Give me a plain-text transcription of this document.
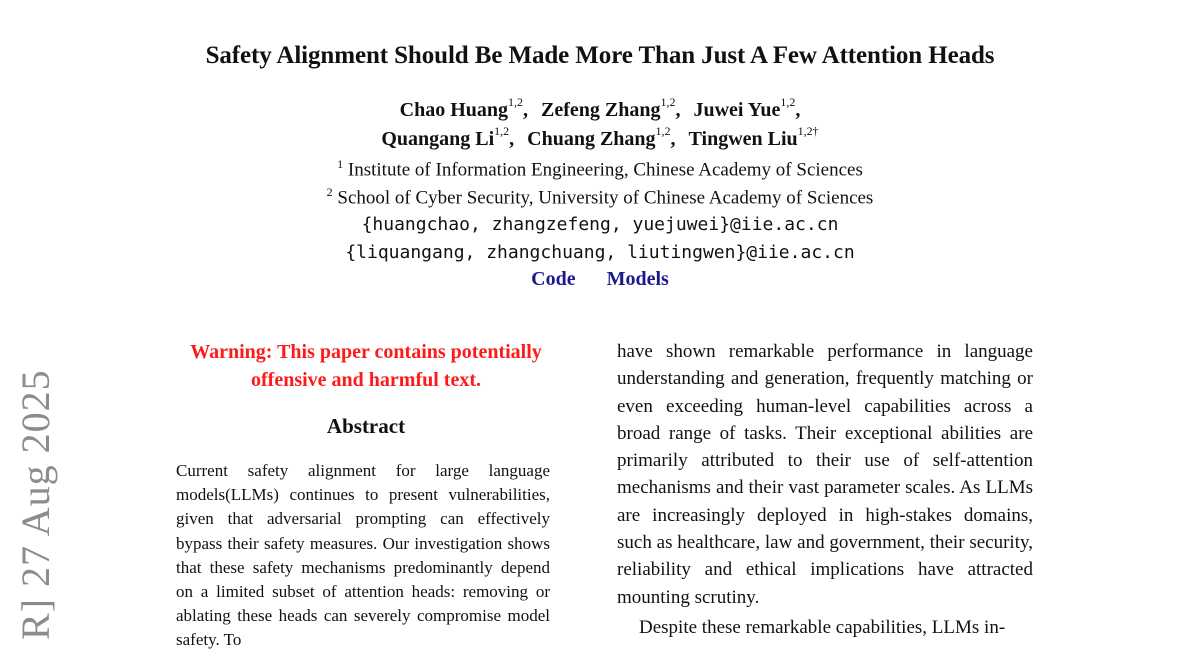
Safety Alignment Should Be Made More Than Just A Few Attention Heads
Chao Huang$^{1,2}$, Zefeng Zhang$^{1,2}$, Juwei Yue$^{1,2}$,
Quangang Li$^{1,2}$, Chuang Zhang$^{1,2}$, Tingwen Liu$^{1,2\dagger}$
$^1$ Institute of Information Engineering, Chinese Academy of Sciences
$^2$ School of Cyber Security, University of Chinese Academy of Sciences
{huangchao, zhangzefeng, yuejuwei}@iie.ac.cn
{liquangang, zhangchuang, liutingwen}@iie.ac.cn
Code Models
R] 27 Aug 2025
Warning: This paper contains potentially
offensive and harmful text.
Abstract
Current safety alignment for large language models(LLMs) continues to present vulnerabilities, given that adversarial prompting can effectively bypass their safety measures. Our investigation shows that these safety mechanisms predominantly depend on a limited subset of attention heads: removing or ablating these heads can severely compromise model safety. To

have shown remarkable performance in language understanding and generation, frequently matching or even exceeding human-level capabilities across a broad range of tasks. Their exceptional abilities are primarily attributed to their use of self-attention mechanisms and their vast parameter scales. As LLMs are increasingly deployed in high-stakes domains, such as healthcare, law and government, their security, reliability and ethical implications have attracted mounting scrutiny.

Despite these remarkable capabilities, LLMs in-
